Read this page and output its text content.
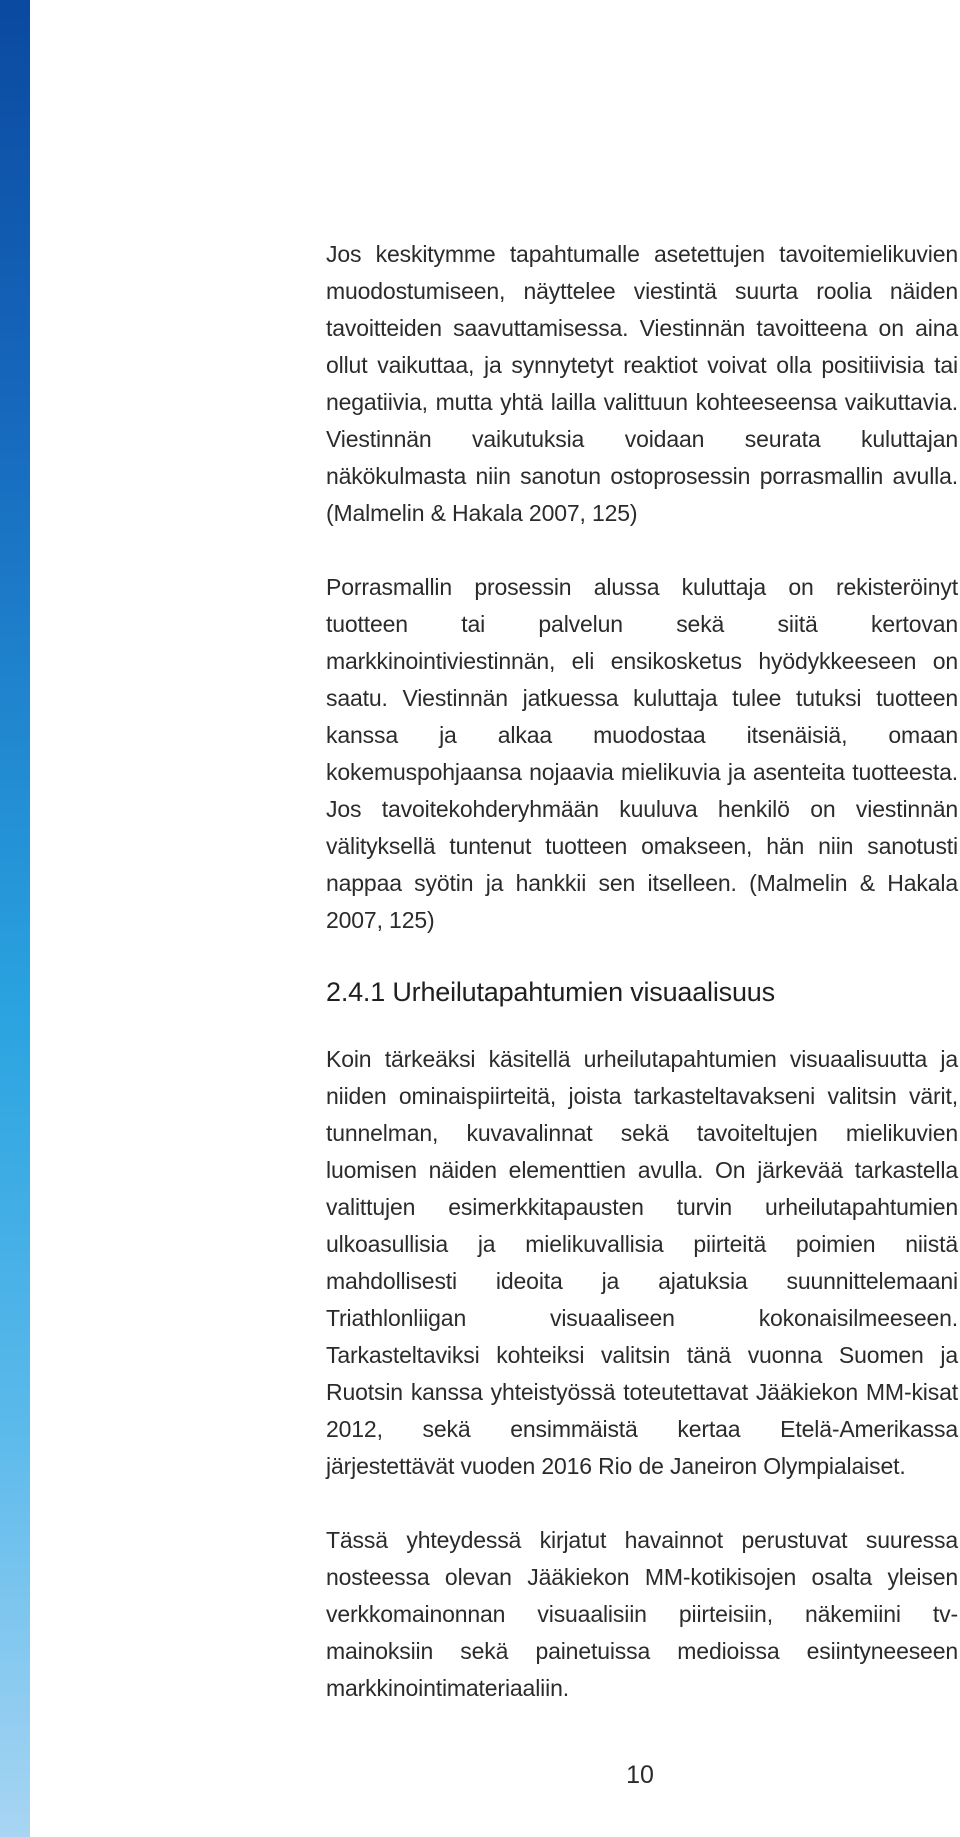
Jos keskitymme tapahtumalle asetettujen tavoitemielikuvien muodostumiseen, näyttelee viestintä suurta roolia näiden tavoitteiden saavuttamisessa. Viestinnän tavoitteena on aina ollut vaikuttaa, ja synnytetyt reaktiot voivat olla positiivisia tai negatiivia, mutta yhtä lailla valittuun kohteeseensa vaikuttavia. Viestinnän vaikutuksia voidaan seurata kuluttajan näkökulmasta niin sanotun ostoprosessin porrasmallin avulla. (Malmelin & Hakala 2007, 125)

Porrasmallin prosessin alussa kuluttaja on rekisteröinyt tuotteen tai palvelun sekä siitä kertovan markkinointiviestinnän, eli ensikosketus hyödykkeeseen on saatu. Viestinnän jatkuessa kuluttaja tulee tutuksi tuotteen kanssa ja alkaa muodostaa itsenäisiä, omaan kokemuspohjaansa nojaavia mielikuvia ja asenteita tuotteesta. Jos tavoitekohderyhmään kuuluva henkilö on viestinnän välityksellä tuntenut tuotteen omakseen, hän niin sanotusti nappaa syötin ja hankkii sen itselleen. (Malmelin & Hakala 2007, 125)

2.4.1 Urheilutapahtumien visuaalisuus

Koin tärkeäksi käsitellä urheilutapahtumien visuaalisuutta ja niiden ominaispiirteitä, joista tarkasteltavakseni valitsin värit, tunnelman, kuvavalinnat sekä tavoiteltujen mielikuvien luomisen näiden elementtien avulla. On järkevää tarkastella valittujen esimerkkitapausten turvin urheilutapahtumien ulkoasullisia ja mielikuvallisia piirteitä poimien niistä mahdollisesti ideoita ja ajatuksia suunnittelemaani Triathlonliigan visuaaliseen kokonaisilmeeseen. Tarkasteltaviksi kohteiksi valitsin tänä vuonna Suomen ja Ruotsin kanssa yhteistyössä toteutettavat Jääkiekon MM-kisat 2012, sekä ensimmäistä kertaa Etelä-Amerikassa järjestettävät vuoden 2016 Rio de Janeiron Olympialaiset.

Tässä yhteydessä kirjatut havainnot perustuvat suuressa nosteessa olevan Jääkiekon MM-kotikisojen osalta yleisen verkkomainonnan visuaalisiin piirteisiin, näkemiini tv-mainoksiin sekä painetuissa medioissa esiintyneeseen markkinointimateriaaliin.

10
